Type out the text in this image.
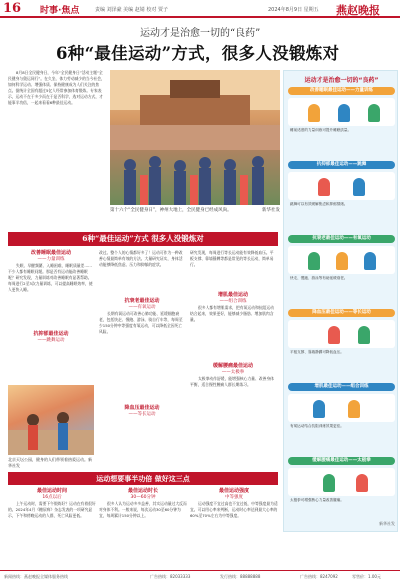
16 时事·焦点	责编 刘泽豪 美编 赵婧 校对 贾子	2024年8月9日 星期五 燕赵晚报
运动才是治愈一切的“良药”
6种“最佳运动”方式，很多人没锻炼对
8月8日全民健身日，今年“全民健身日”活动主题“全民健身与奥运同行”。在久坐、体力劳动减少的当今社会，如何科学运动、增强体质、保持健康成为人们关注的焦点。据统计全国有超过5亿人经常参加体育锻炼。专家表示，运动不在于多少而在于是否科学，选对运动方式，才能事半功倍，一起来看看6种最佳运动。
第十六个“全民健身日”，神州大地上，全民健身已经成风尚。	新华社发
运动才是治愈一切的“良药”
改善睡眠最佳运动——力量训练
睡前适度的力量训练可提升睡眠质量。
抗抑郁最佳运动——跳舞
跳舞可以有效缓解焦虑和抑郁情绪。
抗衰老最佳运动——有氧运动
快走、慢跑、游泳等有助延缓衰老。
降血压最佳运动——等长运动
平板支撑、靠墙静蹲可降低血压。
增肌最佳运动——组合训练
有氧运动结合抗阻训练效果更佳。
缓解腰痛最佳运动——太极拳
太极拳可增强核心力量改善腰痛。
新华社发
6种“最佳运动”方式 很多人没锻炼对
改善睡眠最佳运动
——力量训练
失眠、早醒频繁、入睡困难，睡眠质量差……不少人都有睡眠问题。那是否有运动能改善睡眠呢？研究发现，力量训练对改善睡眠有显著帮助。每周进行2至3次力量训练，可以提高睡眠效率，使人更快入睡。
抗抑郁最佳运动
——跳舞运动
北京天坛公园，健身的人们带领着热爱运动。新华社发
改过。整个人的心情都好多了！运动可作为一种改善心情最简单有效的方法。大量研究证实，身体活动能够降低焦虑、压力和抑郁的症状。
抗衰老最佳运动
——有氧运动
长期有氧运动可改善心肺功能、延缓细胞衰老，包括快走、慢跑、游泳、骑自行车等，每周至少150分钟中等强度有氧运动，可以降低全因死亡风险。
降血压最佳运动
——等长运动
研究发现，每周进行等长运动能有效降低血压。平板支撑、靠墙静蹲等都是常见的等长运动，简单易行。
增肌最佳运动
——组合训练
很多人都有增肌需求，把有氧运动和抗阻运动结合起来，效果更好，能够减少脂肪、增加肌肉含量。
缓解腰痛最佳运动
——太极拳
太极拳动作舒缓，能增强核心力量、改善身体平衡，适合慢性腰痛人群长期练习。
运动想要事半功倍 做好这三点
最佳运动时间
16点以后
上午运动时，需要下午锻炼好？运动在有着很好的。2024年4月《糖尿病》杂志发表的一项研究显示，下午和傍晚运动的人群，死亡风险更低。
最佳运动时长
30—60分钟
很多人认为运动多多益善，其实运动量过大反而对身体不利。一般来说，每次运动30至60分钟为宜，每周累计150分钟以上。
最佳运动强度
中等强度
运动强度不宜过高也不宜过低，中等强度最为适宜。可以用心率来判断，运动时心率达到最大心率的60%至70%左右为中等强度。
新闻热线：燕赵晚报全媒体服务热线	广告热线：82033333	发行热线：88888888	广告热线：8247092	零售价：1.00元
